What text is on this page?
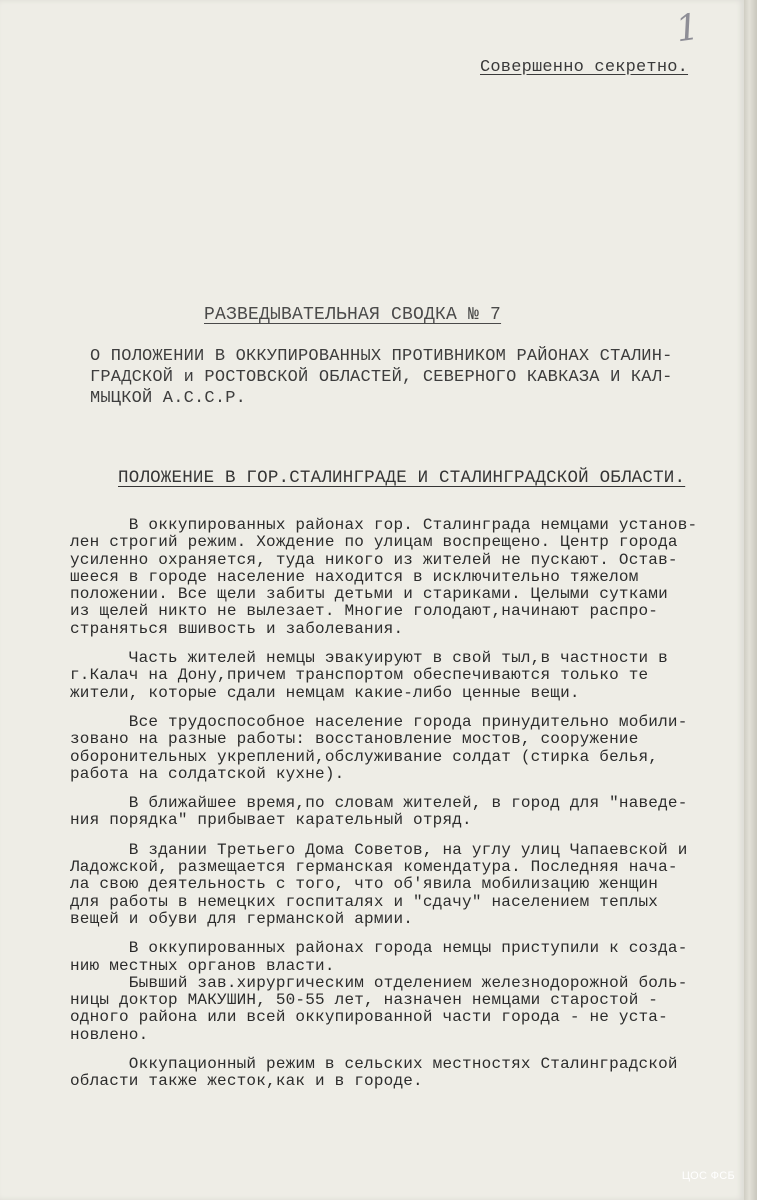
1
Совершенно секретно.
РАЗВЕДЫВАТЕЛЬНАЯ СВОДКА № 7
О ПОЛОЖЕНИИ В ОККУПИРОВАННЫХ ПРОТИВНИКОМ РАЙОНАХ СТАЛИН-
ГРАДСКОЙ и РОСТОВСКОЙ ОБЛАСТЕЙ, СЕВЕРНОГО КАВКАЗА И КАЛ-
МЫЦКОЙ А.С.С.Р.
ПОЛОЖЕНИЕ В ГОР.СТАЛИНГРАДЕ И СТАЛИНГРАДСКОЙ ОБЛАСТИ.
В оккупированных районах гор. Сталинграда немцами установ-
лен строгий режим. Хождение по улицам воспрещено. Центр города
усиленно охраняется, туда никого из жителей не пускают. Остав-
шееся в городе население находится в исключительно тяжелом
положении. Все щели забиты детьми и стариками. Целыми сутками
из щелей никто не вылезает. Многие голодают,начинают распро-
страняться вшивость и заболевания.
Часть жителей немцы эвакуируют в свой тыл,в частности в
г.Калач на Дону,причем транспортом обеспечиваются только те
жители, которые сдали немцам какие-либо ценные вещи.
Все трудоспособное население города принудительно мобили-
зовано на разные работы: восстановление мостов, сооружение
оборонительных укреплений,обслуживание солдат (стирка белья,
работа на солдатской кухне).
В ближайшее время,по словам жителей, в город для "наведе-
ния порядка" прибывает карательный отряд.
В здании Третьего Дома Советов, на углу улиц Чапаевской и
Ладожской, размещается германская комендатура. Последняя нача-
ла свою деятельность с того, что об'явила мобилизацию женщин
для работы в немецких госпиталях и "сдачу" населением теплых
вещей и обуви для германской армии.
В оккупированных районах города немцы приступили к созда-
нию местных органов власти.
Бывший зав.хирургическим отделением железнодорожной боль-
ницы доктор МАКУШИН, 50-55 лет, назначен немцами старостой -
одного района или всей оккупированной части города - не уста-
новлено.
Оккупационный режим в сельских местностях Сталинградской
области также жесток,как и в городе.
ЦОС ФСБ
